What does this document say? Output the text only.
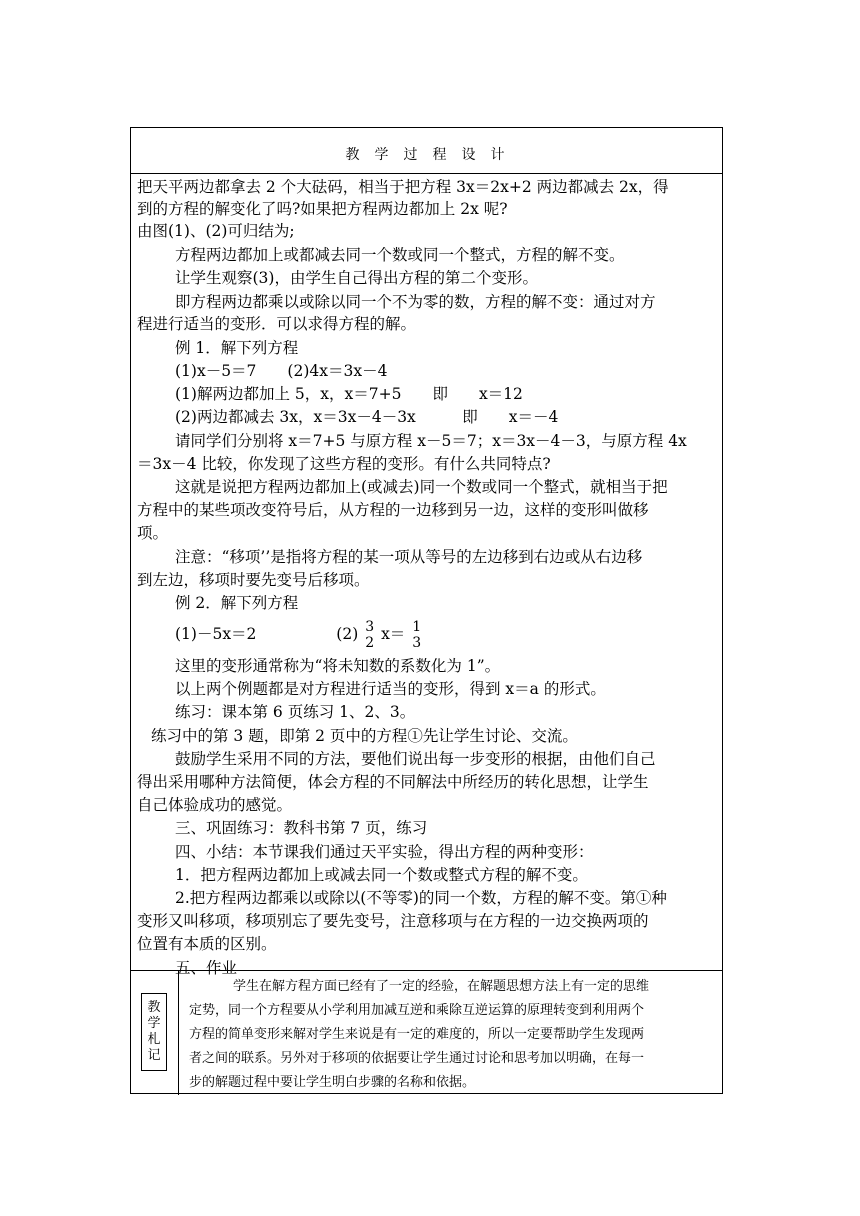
教学过程设计
把天平两边都拿去 2 个大砝码，相当于把方程 3x＝2x+2 两边都减去 2x，得
到的方程的解变化了吗?如果把方程两边都加上 2x 呢?
由图(1)、(2)可归结为;
方程两边都加上或都减去同一个数或同一个整式，方程的解不变。
让学生观察(3)，由学生自己得出方程的第二个变形。
即方程两边都乘以或除以同一个不为零的数，方程的解不变：通过对方
程进行适当的变形．可以求得方程的解。
例 1．解下列方程
(1)x－5＝7　　(2)4x＝3x－4
(1)解两边都加上 5，x，x＝7+5　　即　　x＝12
(2)两边都减去 3x，x＝3x－4－3x　　　即　　x＝－4
请同学们分别将 x＝7+5 与原方程 x－5＝7；x＝3x－4－3，与原方程 4x
＝3x－4 比较，你发现了这些方程的变形。有什么共同特点?
这就是说把方程两边都加上(或减去)同一个数或同一个整式，就相当于把
方程中的某些项改变符号后，从方程的一边移到另一边，这样的变形叫做移
项。
注意：“移项’’是指将方程的某一项从等号的左边移到右边或从右边移
到左边，移项时要先变号后移项。
例 2．解下列方程
(1)－5x＝2	(2) 3
2 x＝ 1
3
这里的变形通常称为“将未知数的系数化为 1”。
以上两个例题都是对方程进行适当的变形，得到 x＝a 的形式。
练习：课本第 6 页练习 1、2、3。
练习中的第 3 题，即第 2 页中的方程①先让学生讨论、交流。
鼓励学生采用不同的方法，要他们说出每一步变形的根据，由他们自己
得出采用哪种方法简便，体会方程的不同解法中所经历的转化思想，让学生
自己体验成功的感觉。
三、巩固练习：教科书第 7 页，练习
四、小结：本节课我们通过天平实验，得出方程的两种变形：
1．把方程两边都加上或减去同一个数或整式方程的解不变。
2.把方程两边都乘以或除以(不等零)的同一个数，方程的解不变。第①种
变形又叫移项，移项别忘了要先变号，注意移项与在方程的一边交换两项的
位置有本质的区别。
五、作业
教
学
札
记
学生在解方程方面已经有了一定的经验，在解题思想方法上有一定的思维
定势，同一个方程要从小学利用加减互逆和乘除互逆运算的原理转变到利用两个
方程的简单变形来解对学生来说是有一定的难度的，所以一定要帮助学生发现两
者之间的联系。另外对于移项的依据要让学生通过讨论和思考加以明确，在每一
步的解题过程中要让学生明白步骤的名称和依据。
